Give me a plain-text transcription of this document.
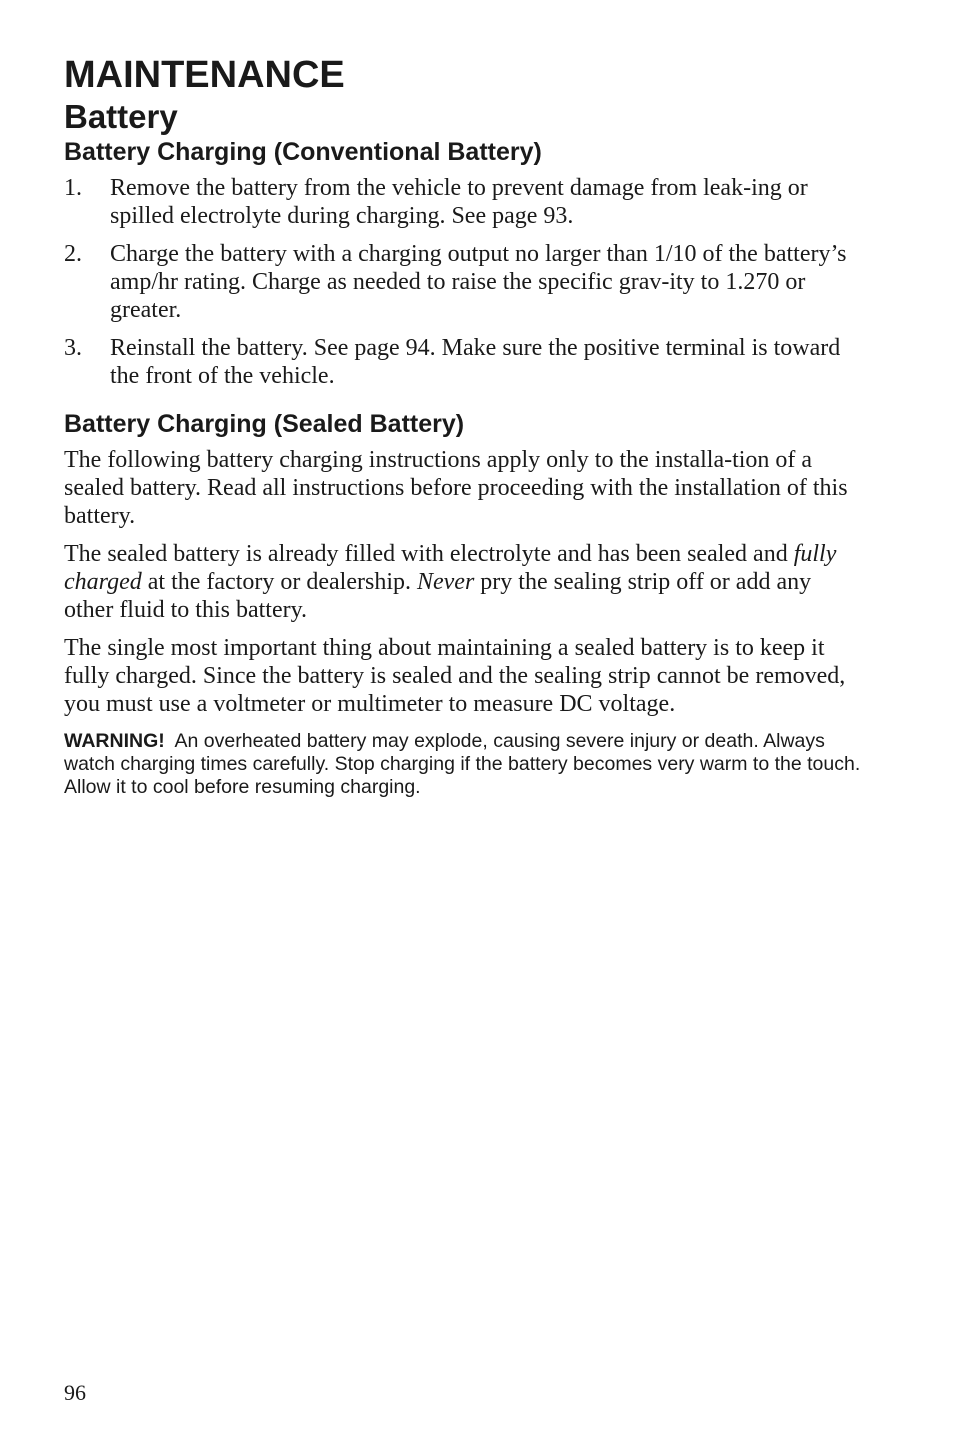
MAINTENANCE
Battery
Battery Charging (Conventional Battery)
1. Remove the battery from the vehicle to prevent damage from leak-ing or spilled electrolyte during charging. See page 93.
2. Charge the battery with a charging output no larger than 1/10 of the battery’s amp/hr rating. Charge as needed to raise the specific grav-ity to 1.270 or greater.
3. Reinstall the battery. See page 94. Make sure the positive terminal is toward the front of the vehicle.
Battery Charging (Sealed Battery)

The following battery charging instructions apply only to the installa-tion of a sealed battery. Read all instructions before proceeding with the installation of this battery.

The sealed battery is already filled with electrolyte and has been sealed and fully charged at the factory or dealership. Never pry the sealing strip off or add any other fluid to this battery.

The single most important thing about maintaining a sealed battery is to keep it fully charged. Since the battery is sealed and the sealing strip cannot be removed, you must use a voltmeter or multimeter to measure DC voltage.

WARNING! An overheated battery may explode, causing severe injury or death. Always watch charging times carefully. Stop charging if the battery becomes very warm to the touch. Allow it to cool before resuming charging.
96
